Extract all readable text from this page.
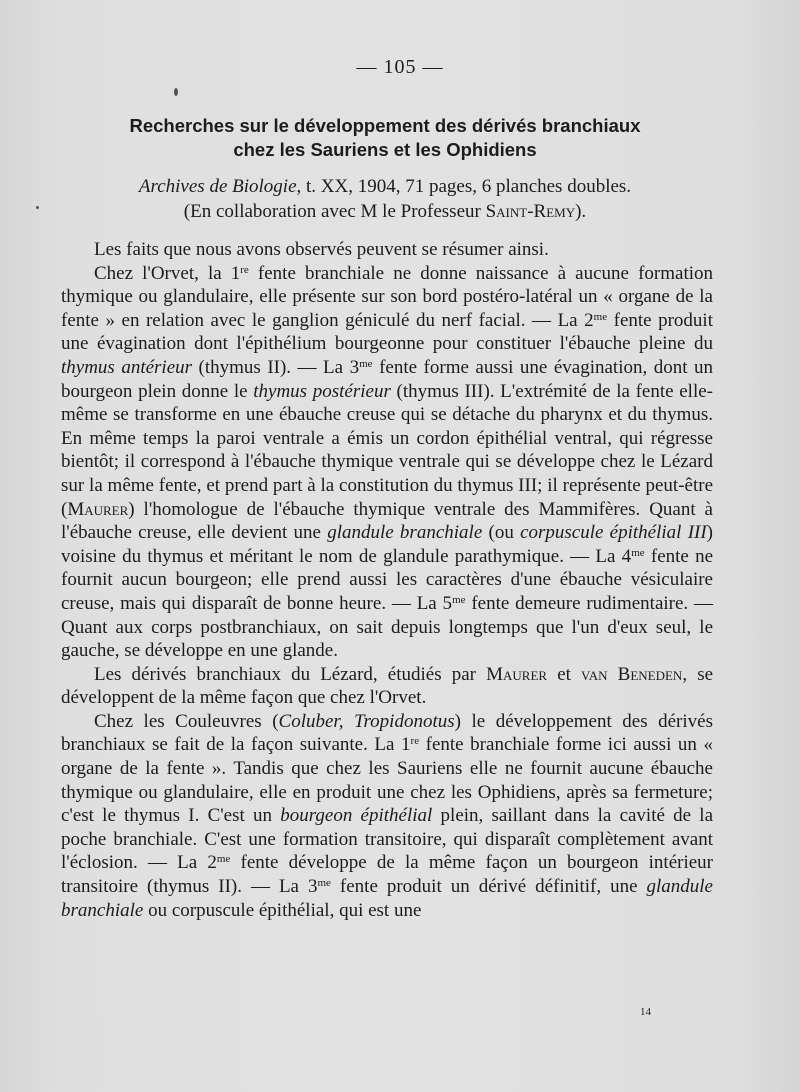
— 105 —
Recherches sur le développement des dérivés branchiaux
chez les Sauriens et les Ophidiens
Archives de Biologie, t. XX, 1904, 71 pages, 6 planches doubles.
(En collaboration avec M le Professeur Saint-Remy).

Les faits que nous avons observés peuvent se résumer ainsi.

Chez l'Orvet, la 1re fente branchiale ne donne naissance à aucune formation thymique ou glandulaire, elle présente sur son bord postéro-latéral un « organe de la fente » en relation avec le ganglion géniculé du nerf facial. — La $2^{me}$ fente produit une évagination dont l'épithélium bourgeonne pour constituer l'ébauche pleine du thymus antérieur (thymus II). — La $3^{me}$ fente forme aussi une évagination, dont un bourgeon plein donne le thymus postérieur (thymus III). L'extrémité de la fente elle-même se transforme en une ébauche creuse qui se détache du pharynx et du thymus. En même temps la paroi ventrale a émis un cordon épithélial ventral, qui régresse bientôt; il correspond à l'ébauche thymique ventrale qui se développe chez le Lézard sur la même fente, et prend part à la constitution du thymus III; il représente peut-être (Maurer) l'homologue de l'ébauche thymique ventrale des Mammifères. Quant à l'ébauche creuse, elle devient une glandule branchiale (ou corpuscule épithélial III) voisine du thymus et méritant le nom de glandule parathymique. — La $4^{me}$ fente ne fournit aucun bourgeon; elle prend aussi les caractères d'une ébauche vésiculaire creuse, mais qui disparaît de bonne heure. — La $5^{me}$ fente demeure rudimentaire. — Quant aux corps postbranchiaux, on sait depuis longtemps que l'un d'eux seul, le gauche, se développe en une glande.

Les dérivés branchiaux du Lézard, étudiés par Maurer et van Beneden, se développent de la même façon que chez l'Orvet.

Chez les Couleuvres (Coluber, Tropidonotus) le développement des dérivés branchiaux se fait de la façon suivante. La 1re fente branchiale forme ici aussi un « organe de la fente ». Tandis que chez les Sauriens elle ne fournit aucune ébauche thymique ou glandulaire, elle en produit une chez les Ophidiens, après sa fermeture; c'est le thymus I. C'est un bourgeon épithélial plein, saillant dans la cavité de la poche branchiale. C'est une formation transitoire, qui disparaît complètement avant l'éclosion. — La $2^{me}$ fente développe de la même façon un bourgeon intérieur transitoire (thymus II). — La $3^{me}$ fente produit un dérivé définitif, une glandule branchiale ou corpuscule épithélial, qui est une

14
